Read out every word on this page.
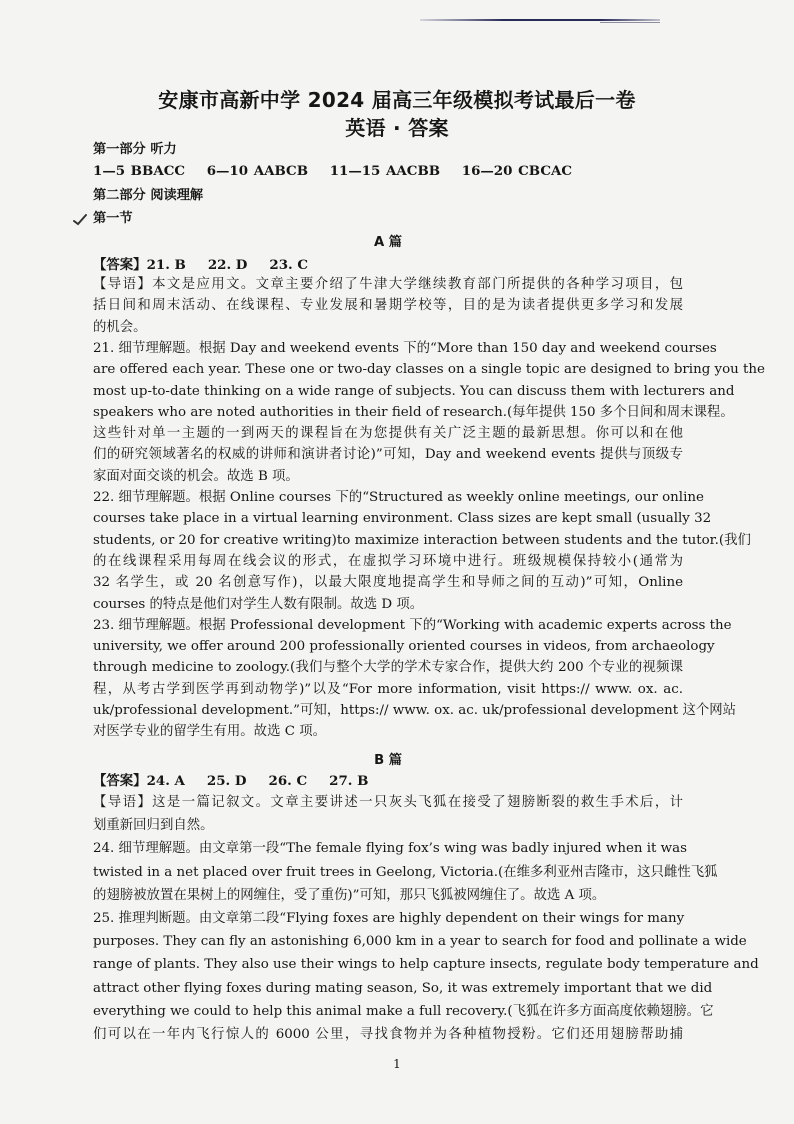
安康市高新中学 2024 届高三年级模拟考试最后一卷
英语 · 答案
第一部分 听力
1—5 BBACC 6—10 AABCB 11—15 AACBB 16—20 CBCAC
第二部分 阅读理解
第一节
A 篇
【答案】21. B 22. D 23. C
【导语】本文是应用文。文章主要介绍了牛津大学继续教育部门所提供的各种学习项目，包
括日间和周末活动、在线课程、专业发展和暑期学校等，目的是为读者提供更多学习和发展
的机会。
21. 细节理解题。根据 Day and weekend events 下的“More than 150 day and weekend courses
are offered each year. These one or two-day classes on a single topic are designed to bring you the
most up-to-date thinking on a wide range of subjects. You can discuss them with lecturers and
speakers who are noted authorities in their field of research.(每年提供 150 多个日间和周末课程。
这些针对单一主题的一到两天的课程旨在为您提供有关广泛主题的最新思想。你可以和在他
们的研究领域著名的权威的讲师和演讲者讨论)”可知，Day and weekend events 提供与顶级专
家面对面交谈的机会。故选 B 项。
22. 细节理解题。根据 Online courses 下的“Structured as weekly online meetings, our online
courses take place in a virtual learning environment. Class sizes are kept small (usually 32
students, or 20 for creative writing)to maximize interaction between students and the tutor.(我们
的在线课程采用每周在线会议的形式，在虚拟学习环境中进行。班级规模保持较小(通常为
32 名学生，或 20 名创意写作)，以最大限度地提高学生和导师之间的互动)”可知，Online
courses 的特点是他们对学生人数有限制。故选 D 项。
23. 细节理解题。根据 Professional development 下的“Working with academic experts across the
university, we offer around 200 professionally oriented courses in videos, from archaeology
through medicine to zoology.(我们与整个大学的学术专家合作，提供大约 200 个专业的视频课
程，从考古学到医学再到动物学)”以及“For more information, visit https:// www. ox. ac.
uk/professional development.”可知，https:// www. ox. ac. uk/professional development 这个网站
对医学专业的留学生有用。故选 C 项。
B 篇
【答案】24. A 25. D 26. C 27. B
【导语】这是一篇记叙文。文章主要讲述一只灰头飞狐在接受了翅膀断裂的救生手术后，计
划重新回归到自然。
24. 细节理解题。由文章第一段“The female flying fox’s wing was badly injured when it was
twisted in a net placed over fruit trees in Geelong, Victoria.(在维多利亚州吉隆市，这只雌性飞狐
的翅膀被放置在果树上的网缠住，受了重伤)”可知，那只飞狐被网缠住了。故选 A 项。
25. 推理判断题。由文章第二段“Flying foxes are highly dependent on their wings for many
purposes. They can fly an astonishing 6,000 km in a year to search for food and pollinate a wide
range of plants. They also use their wings to help capture insects, regulate body temperature and
attract other flying foxes during mating season, So, it was extremely important that we did
everything we could to help this animal make a full recovery.(飞狐在许多方面高度依赖翅膀。它
们可以在一年内飞行惊人的 6000 公里，寻找食物并为各种植物授粉。它们还用翅膀帮助捕
1
